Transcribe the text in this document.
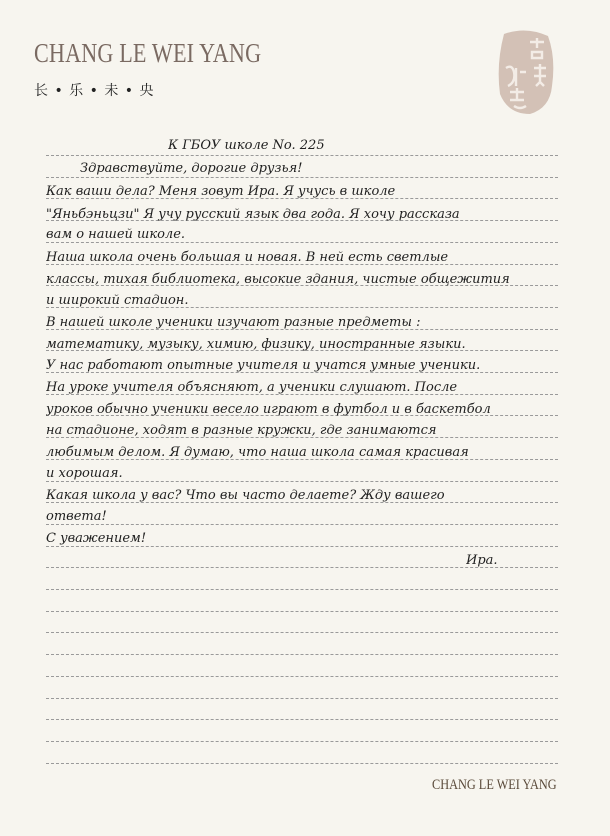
CHANG LE WEI YANG
长 • 乐 • 未 • 央
К ГБОУ школе No. 225
Здравствуйте, дорогие друзья!
Как ваши дела? Меня зовут Ира. Я учусь в школе
"Яньбэньцзи" Я учу русский язык два года. Я хочу рассказа
вам о нашей школе.
Наша школа очень большая и новая. В ней есть светлые
классы, тихая библиотека, высокие здания, чистые общежития
и широкий стадион.
В нашей школе ученики изучают разные предметы :
математику, музыку, химию, физику, иностранные языки.
У нас работают опытные учителя и учатся умные ученики.
На уроке учителя объясняют, а ученики слушают. После
уроков обычно ученики весело играют в футбол и в баскетбол
на стадионе, ходят в разные кружки, где занимаются
любимым делом. Я думаю, что наша школа самая красивая
и хорошая.
Какая школа у вас? Что вы часто делаете? Жду вашего
ответа!
С уважением!
Ира.
CHANG LE WEI YANG
